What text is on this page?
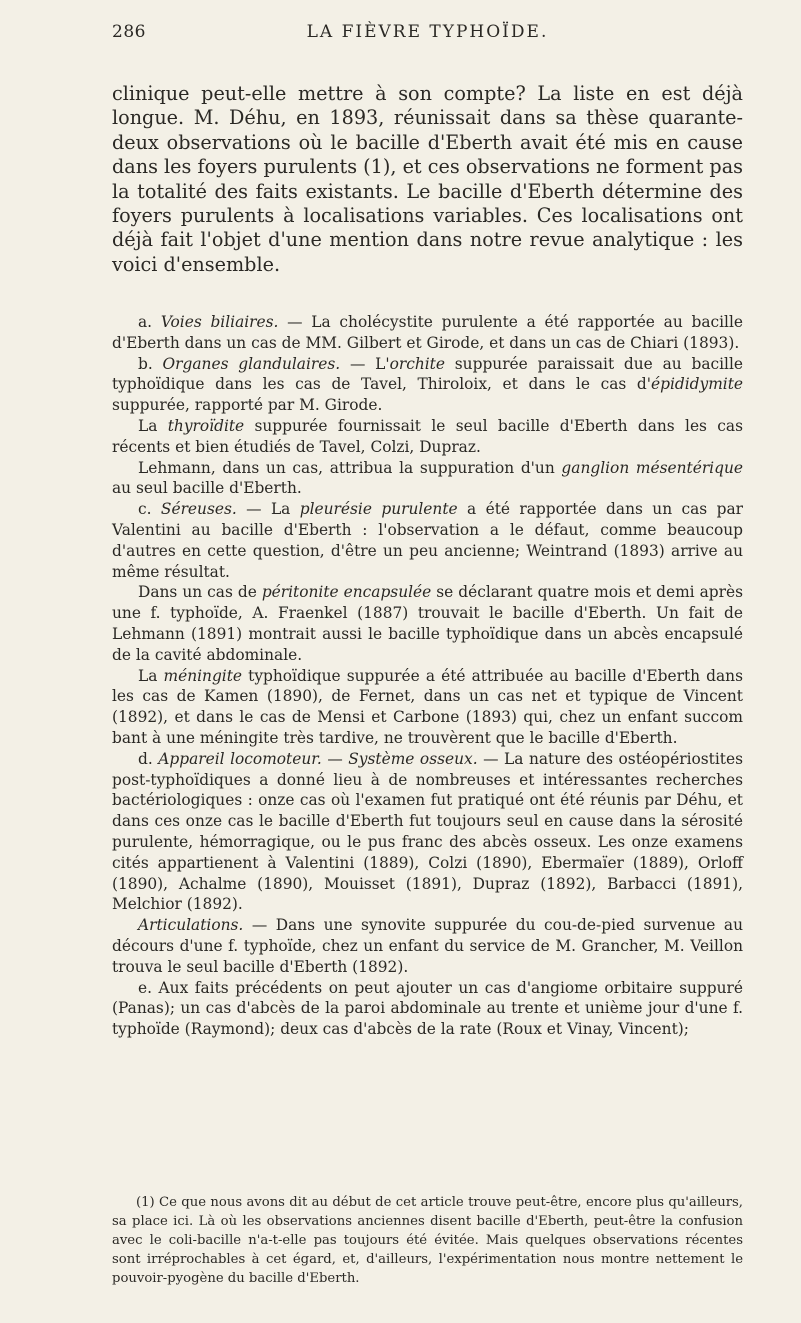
286	LA FIÈVRE TYPHOÏDE.
clinique peut-elle mettre à son compte? La liste en est déjà longue. M. Déhu, en 1893, réunissait dans sa thèse quarante-deux observations où le bacille d'Eberth avait été mis en cause dans les foyers purulents (1), et ces observations ne forment pas la totalité des faits existants. Le bacille d'Eberth détermine des foyers purulents à localisations variables. Ces localisations ont déjà fait l'objet d'une mention dans notre revue analytique : les voici d'ensemble.

a. Voies biliaires. — La cholécystite purulente a été rapportée au bacille d'Eberth dans un cas de MM. Gilbert et Girode, et dans un cas de Chiari (1893).

b. Organes glandulaires. — L'orchite suppurée paraissait due au bacille typhoïdique dans les cas de Tavel, Thiroloix, et dans le cas d'épididymite suppurée, rapporté par M. Girode.

La thyroïdite suppurée fournissait le seul bacille d'Eberth dans les cas récents et bien étudiés de Tavel, Colzi, Dupraz.

Lehmann, dans un cas, attribua la suppuration d'un ganglion mésentérique au seul bacille d'Eberth.

c. Séreuses. — La pleurésie purulente a été rapportée dans un cas par Valentini au bacille d'Eberth : l'observation a le défaut, comme beaucoup d'autres en cette question, d'être un peu ancienne; Weintrand (1893) arrive au même résultat.

Dans un cas de péritonite encapsulée se déclarant quatre mois et demi après une f. typhoïde, A. Fraenkel (1887) trouvait le bacille d'Eberth. Un fait de Lehmann (1891) montrait aussi le bacille typhoïdique dans un abcès encapsulé de la cavité abdominale.

La méningite typhoïdique suppurée a été attribuée au bacille d'Eberth dans les cas de Kamen (1890), de Fernet, dans un cas net et typique de Vincent (1892), et dans le cas de Mensi et Carbone (1893) qui, chez un enfant succom bant à une méningite très tardive, ne trouvèrent que le bacille d'Eberth.

d. Appareil locomoteur. — Système osseux. — La nature des ostéopériostites post-typhoïdiques a donné lieu à de nombreuses et intéressantes recherches bactériologiques : onze cas où l'examen fut pratiqué ont été réunis par Déhu, et dans ces onze cas le bacille d'Eberth fut toujours seul en cause dans la sérosité purulente, hémorragique, ou le pus franc des abcès osseux. Les onze examens cités appartienent à Valentini (1889), Colzi (1890), Ebermaïer (1889), Orloff (1890), Achalme (1890), Mouisset (1891), Dupraz (1892), Barbacci (1891), Melchior (1892).

Articulations. — Dans une synovite suppurée du cou-de-pied survenue au décours d'une f. typhoïde, chez un enfant du service de M. Grancher, M. Veillon trouva le seul bacille d'Eberth (1892).

e. Aux faits précédents on peut ajouter un cas d'angiome orbitaire suppuré (Panas); un cas d'abcès de la paroi abdominale au trente et unième jour d'une f. typhoïde (Raymond); deux cas d'abcès de la rate (Roux et Vinay, Vincent);

(1) Ce que nous avons dit au début de cet article trouve peut-être, encore plus qu'ailleurs, sa place ici. Là où les observations anciennes disent bacille d'Eberth, peut-être la confusion avec le coli-bacille n'a-t-elle pas toujours été évitée. Mais quelques observations récentes sont irréprochables à cet égard, et, d'ailleurs, l'expérimentation nous montre nettement le pouvoir-pyogène du bacille d'Eberth.
